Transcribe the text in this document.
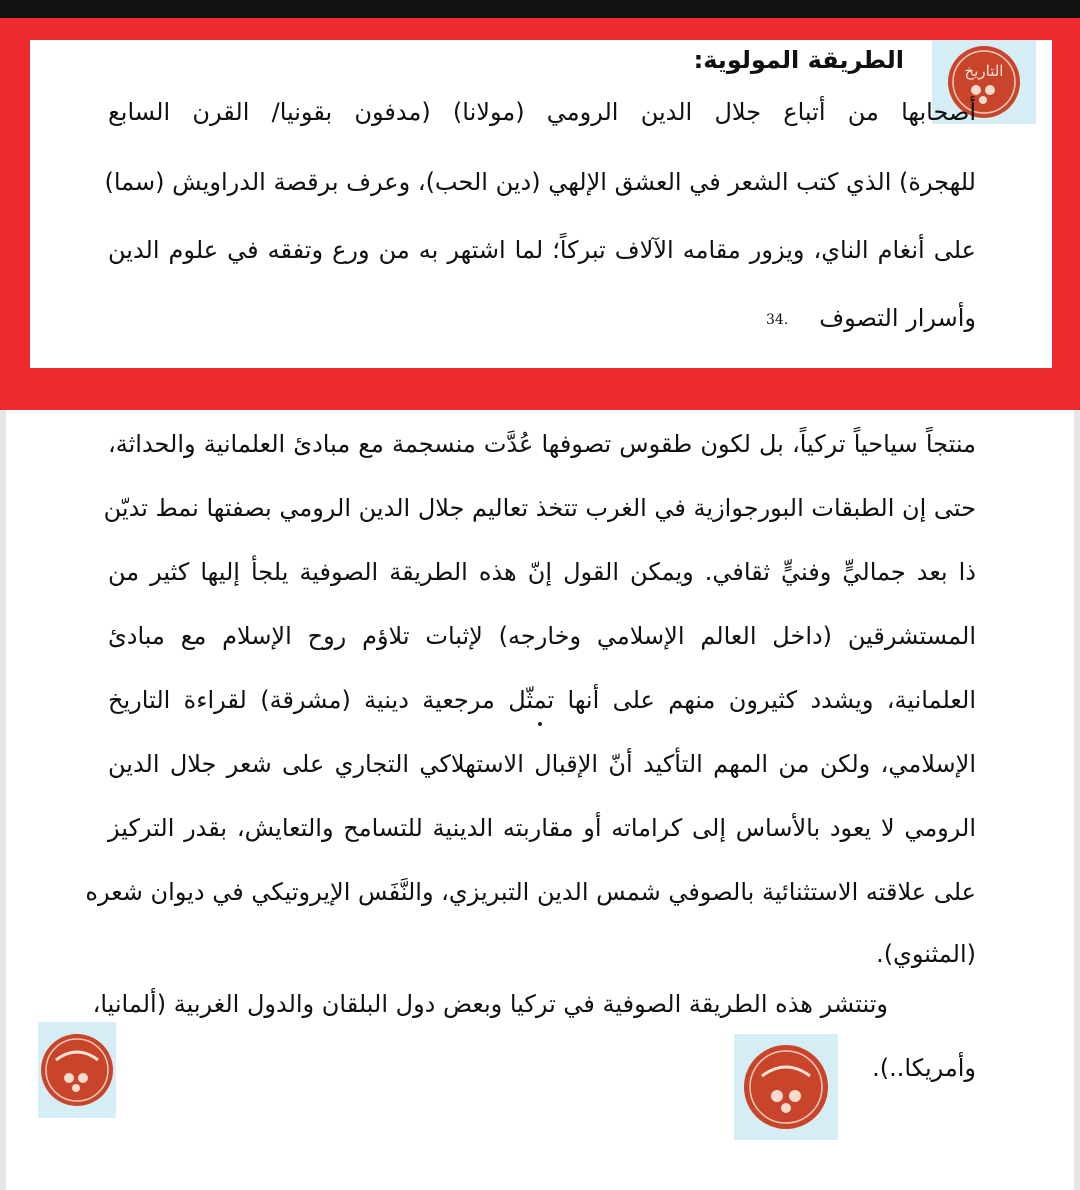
التاريخ
الطريقة المولوية:
أصحابها من أتباع جلال الدين الرومي (مولانا) (مدفون بقونيا/ القرن السابع
للهجرة) الذي كتب الشعر في العشق الإلهي (دين الحب)، وعرف برقصة الدراويش (سما)
على أنغام الناي، ويزور مقامه الآلاف تبركاً؛ لما اشتهر به من ورع وتفقه في علوم الدين
وأسرار التصوف
34.
منتجاً سياحياً تركياً، بل لكون طقوس تصوفها عُدَّت منسجمة مع مبادئ العلمانية والحداثة،
حتى إن الطبقات البورجوازية في الغرب تتخذ تعاليم جلال الدين الرومي بصفتها نمط تديّن
ذا بعد جماليٍّ وفنيٍّ ثقافي. ويمكن القول إنّ هذه الطريقة الصوفية يلجأ إليها كثير من
المستشرقين (داخل العالم الإسلامي وخارجه) لإثبات تلاؤم روح الإسلام مع مبادئ
العلمانية، ويشدد كثيرون منهم على أنها تمثّل مرجعية دينية (مشرقة) لقراءة التاريخ
الإسلامي، ولكن من المهم التأكيد أنّ الإقبال الاستهلاكي التجاري على شعر جلال الدين
الرومي لا يعود بالأساس إلى كراماته أو مقاربته الدينية للتسامح والتعايش، بقدر التركيز
على علاقته الاستثنائية بالصوفي شمس الدين التبريزي، والنَّفَس الإيروتيكي في ديوان شعره
(المثنوي).
وتنتشر هذه الطريقة الصوفية في تركيا وبعض دول البلقان والدول الغربية (ألمانيا،
وأمريكا..).
